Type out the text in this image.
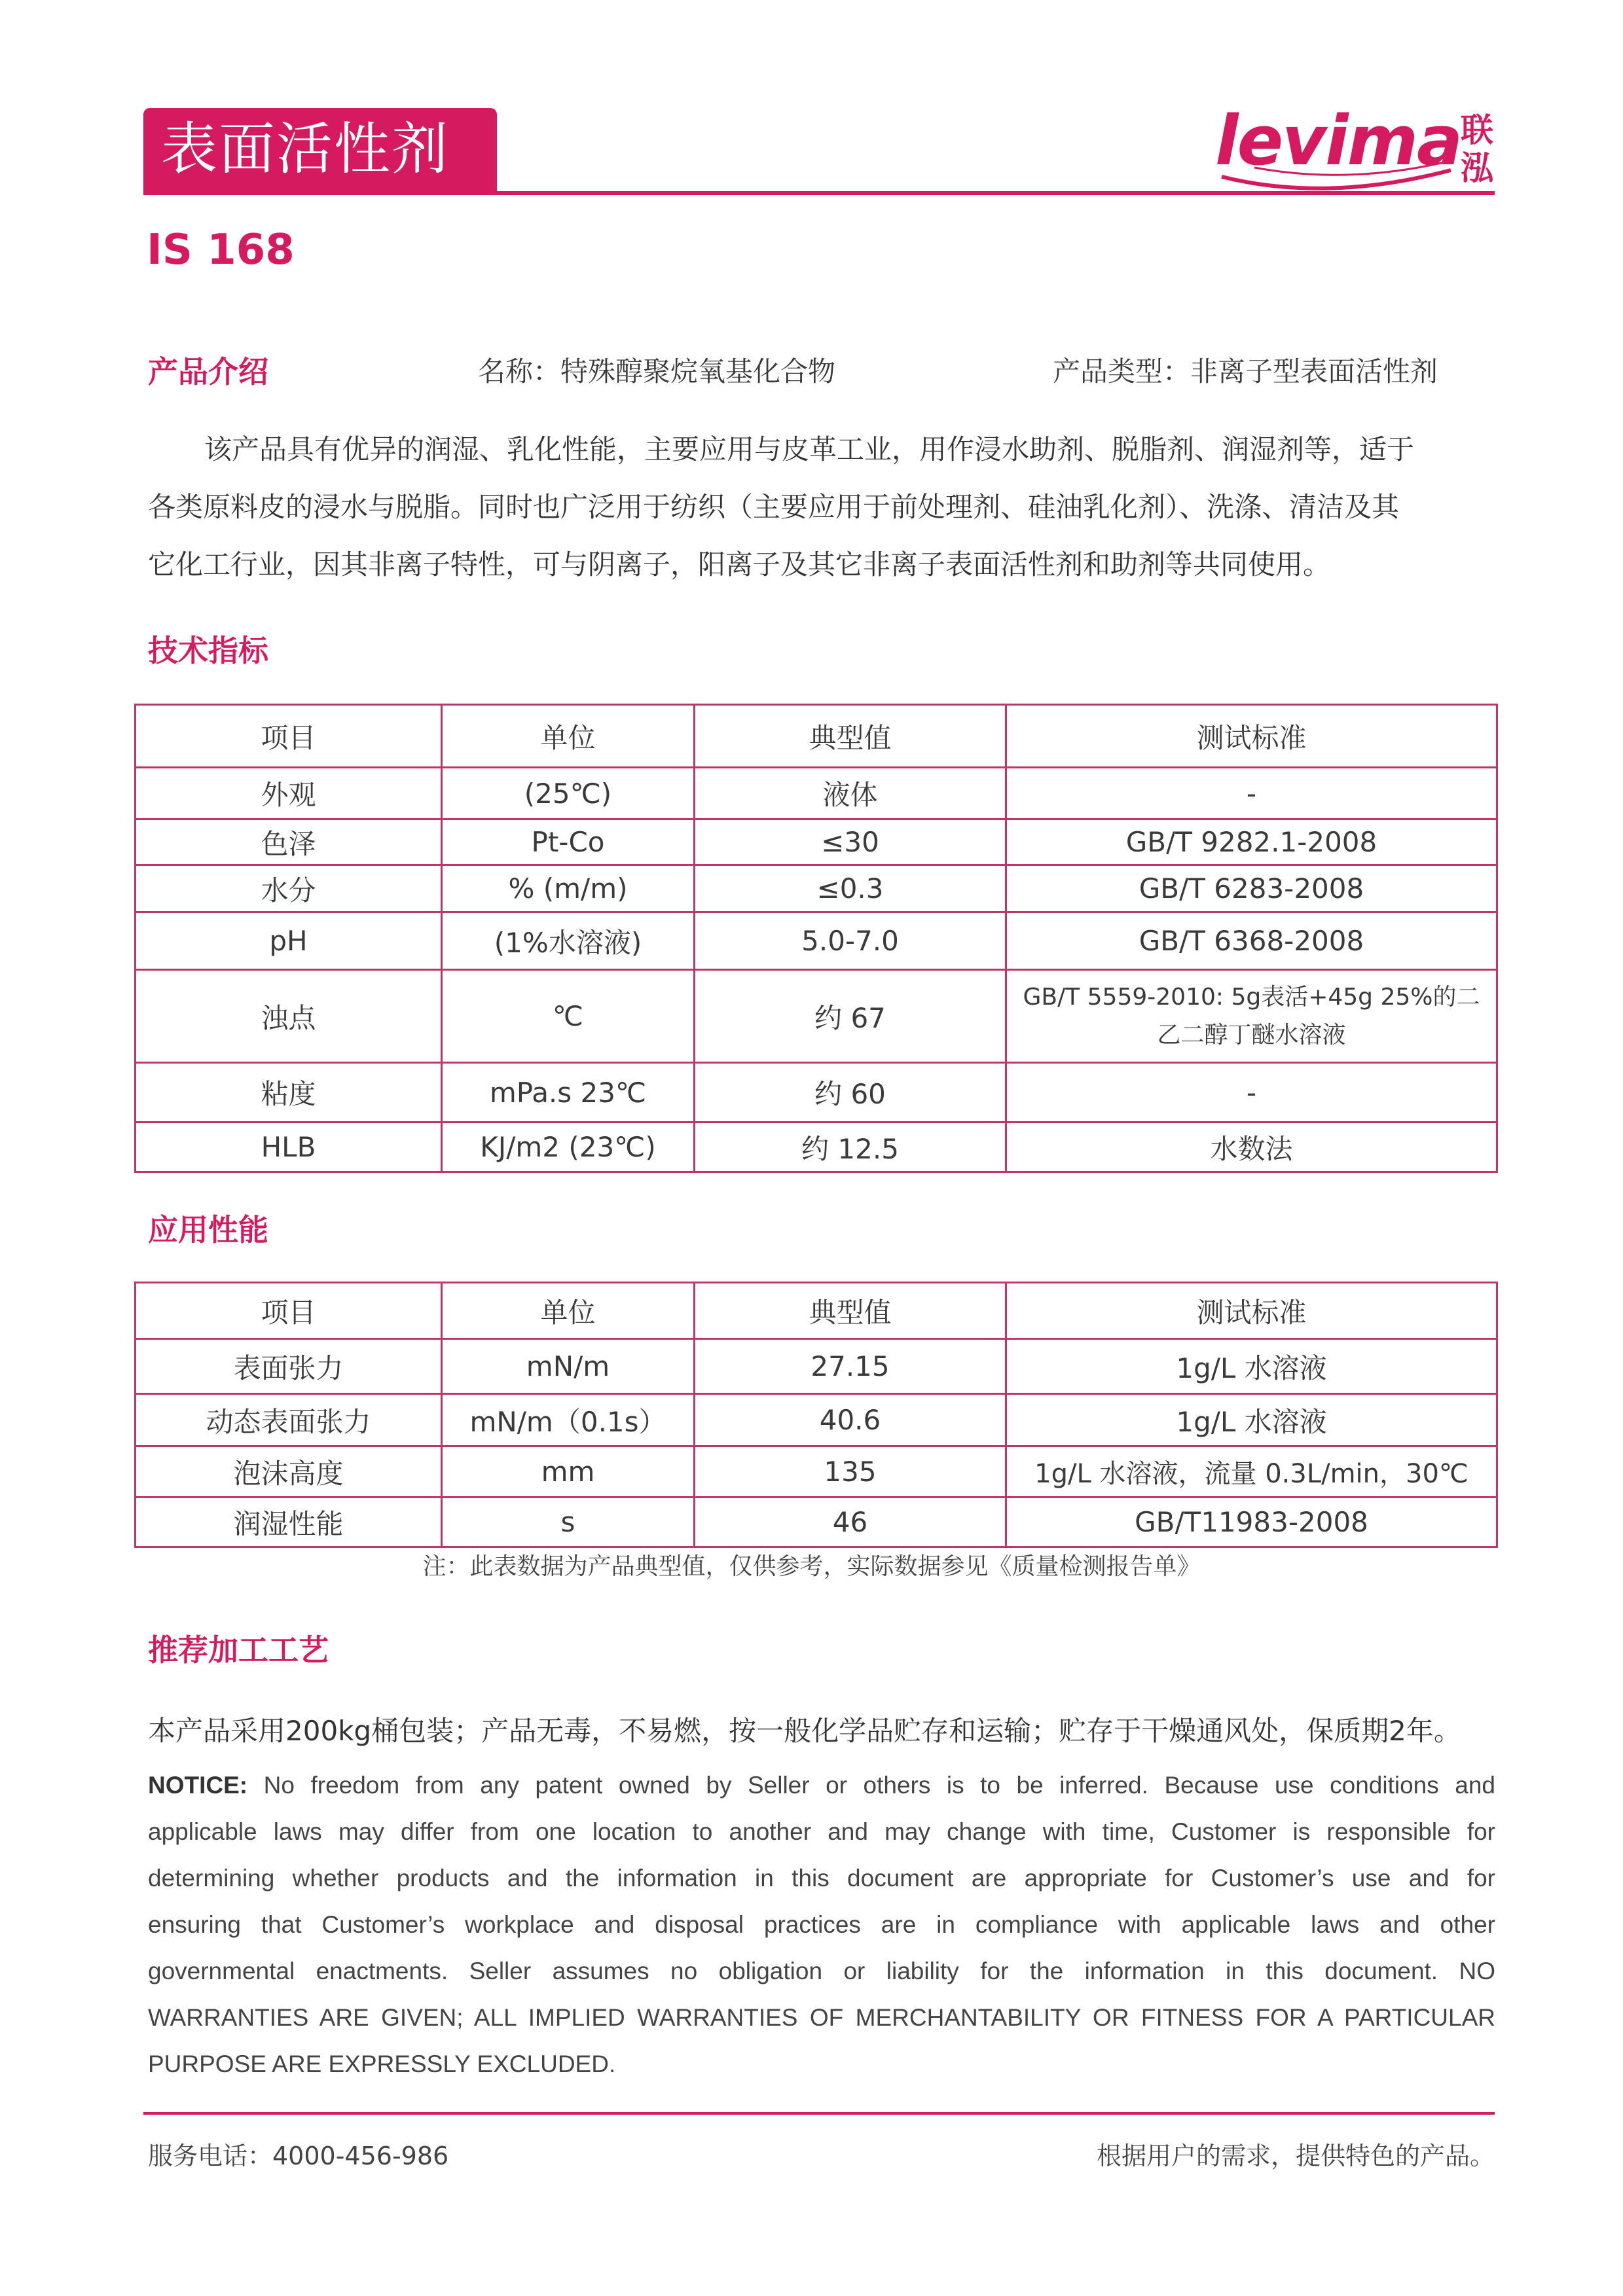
表面活性剂	levima
联
泓
IS 168
产品介绍	名称：特殊醇聚烷氧基化合物	产品类型：非离子型表面活性剂
该产品具有优异的润湿、乳化性能，主要应用与皮革工业，用作浸水助剂、脱脂剂、润湿剂等，适于
各类原料皮的浸水与脱脂。同时也广泛用于纺织（主要应用于前处理剂、硅油乳化剂）、洗涤、清洁及其
它化工行业，因其非离子特性，可与阴离子，阳离子及其它非离子表面活性剂和助剂等共同使用。
技术指标
项目	单位	典型值	测试标准
外观	(25℃)	液体	-
色泽	Pt-Co	≤30	GB/T 9282.1-2008
水分	% (m/m)	≤0.3	GB/T 6283-2008
pH	(1%水溶液)	5.0-7.0	GB/T 6368-2008
浊点	℃	约 67	GB/T 5559-2010: 5g表活+45g 25%的二乙二醇丁醚水溶液
粘度	mPa.s 23℃	约 60	-
HLB	KJ/m2 (23℃)	约 12.5	水数法
应用性能
项目	单位	典型值	测试标准
表面张力	mN/m	27.15	1g/L 水溶液
动态表面张力	mN/m（0.1s）	40.6	1g/L 水溶液
泡沫高度	mm	135	1g/L 水溶液，流量 0.3L/min，30℃
润湿性能	s	46	GB/T11983-2008
注：此表数据为产品典型值，仅供参考，实际数据参见《质量检测报告单》
推荐加工工艺
本产品采用200kg桶包装；产品无毒，不易燃，按一般化学品贮存和运输；贮存于干燥通风处，保质期2年。
NOTICE: No freedom from any patent owned by Seller or others is to be inferred. Because use conditions and
applicable laws may differ from one location to another and may change with time, Customer is responsible for
determining whether products and the information in this document are appropriate for Customer’s use and for
ensuring that Customer’s workplace and disposal practices are in compliance with applicable laws and other
governmental enactments. Seller assumes no obligation or liability for the information in this document. NO
WARRANTIES ARE GIVEN; ALL IMPLIED WARRANTIES OF MERCHANTABILITY OR FITNESS FOR A PARTICULAR
PURPOSE ARE EXPRESSLY EXCLUDED.
服务电话：4000-456-986	根据用户的需求，提供特色的产品。
